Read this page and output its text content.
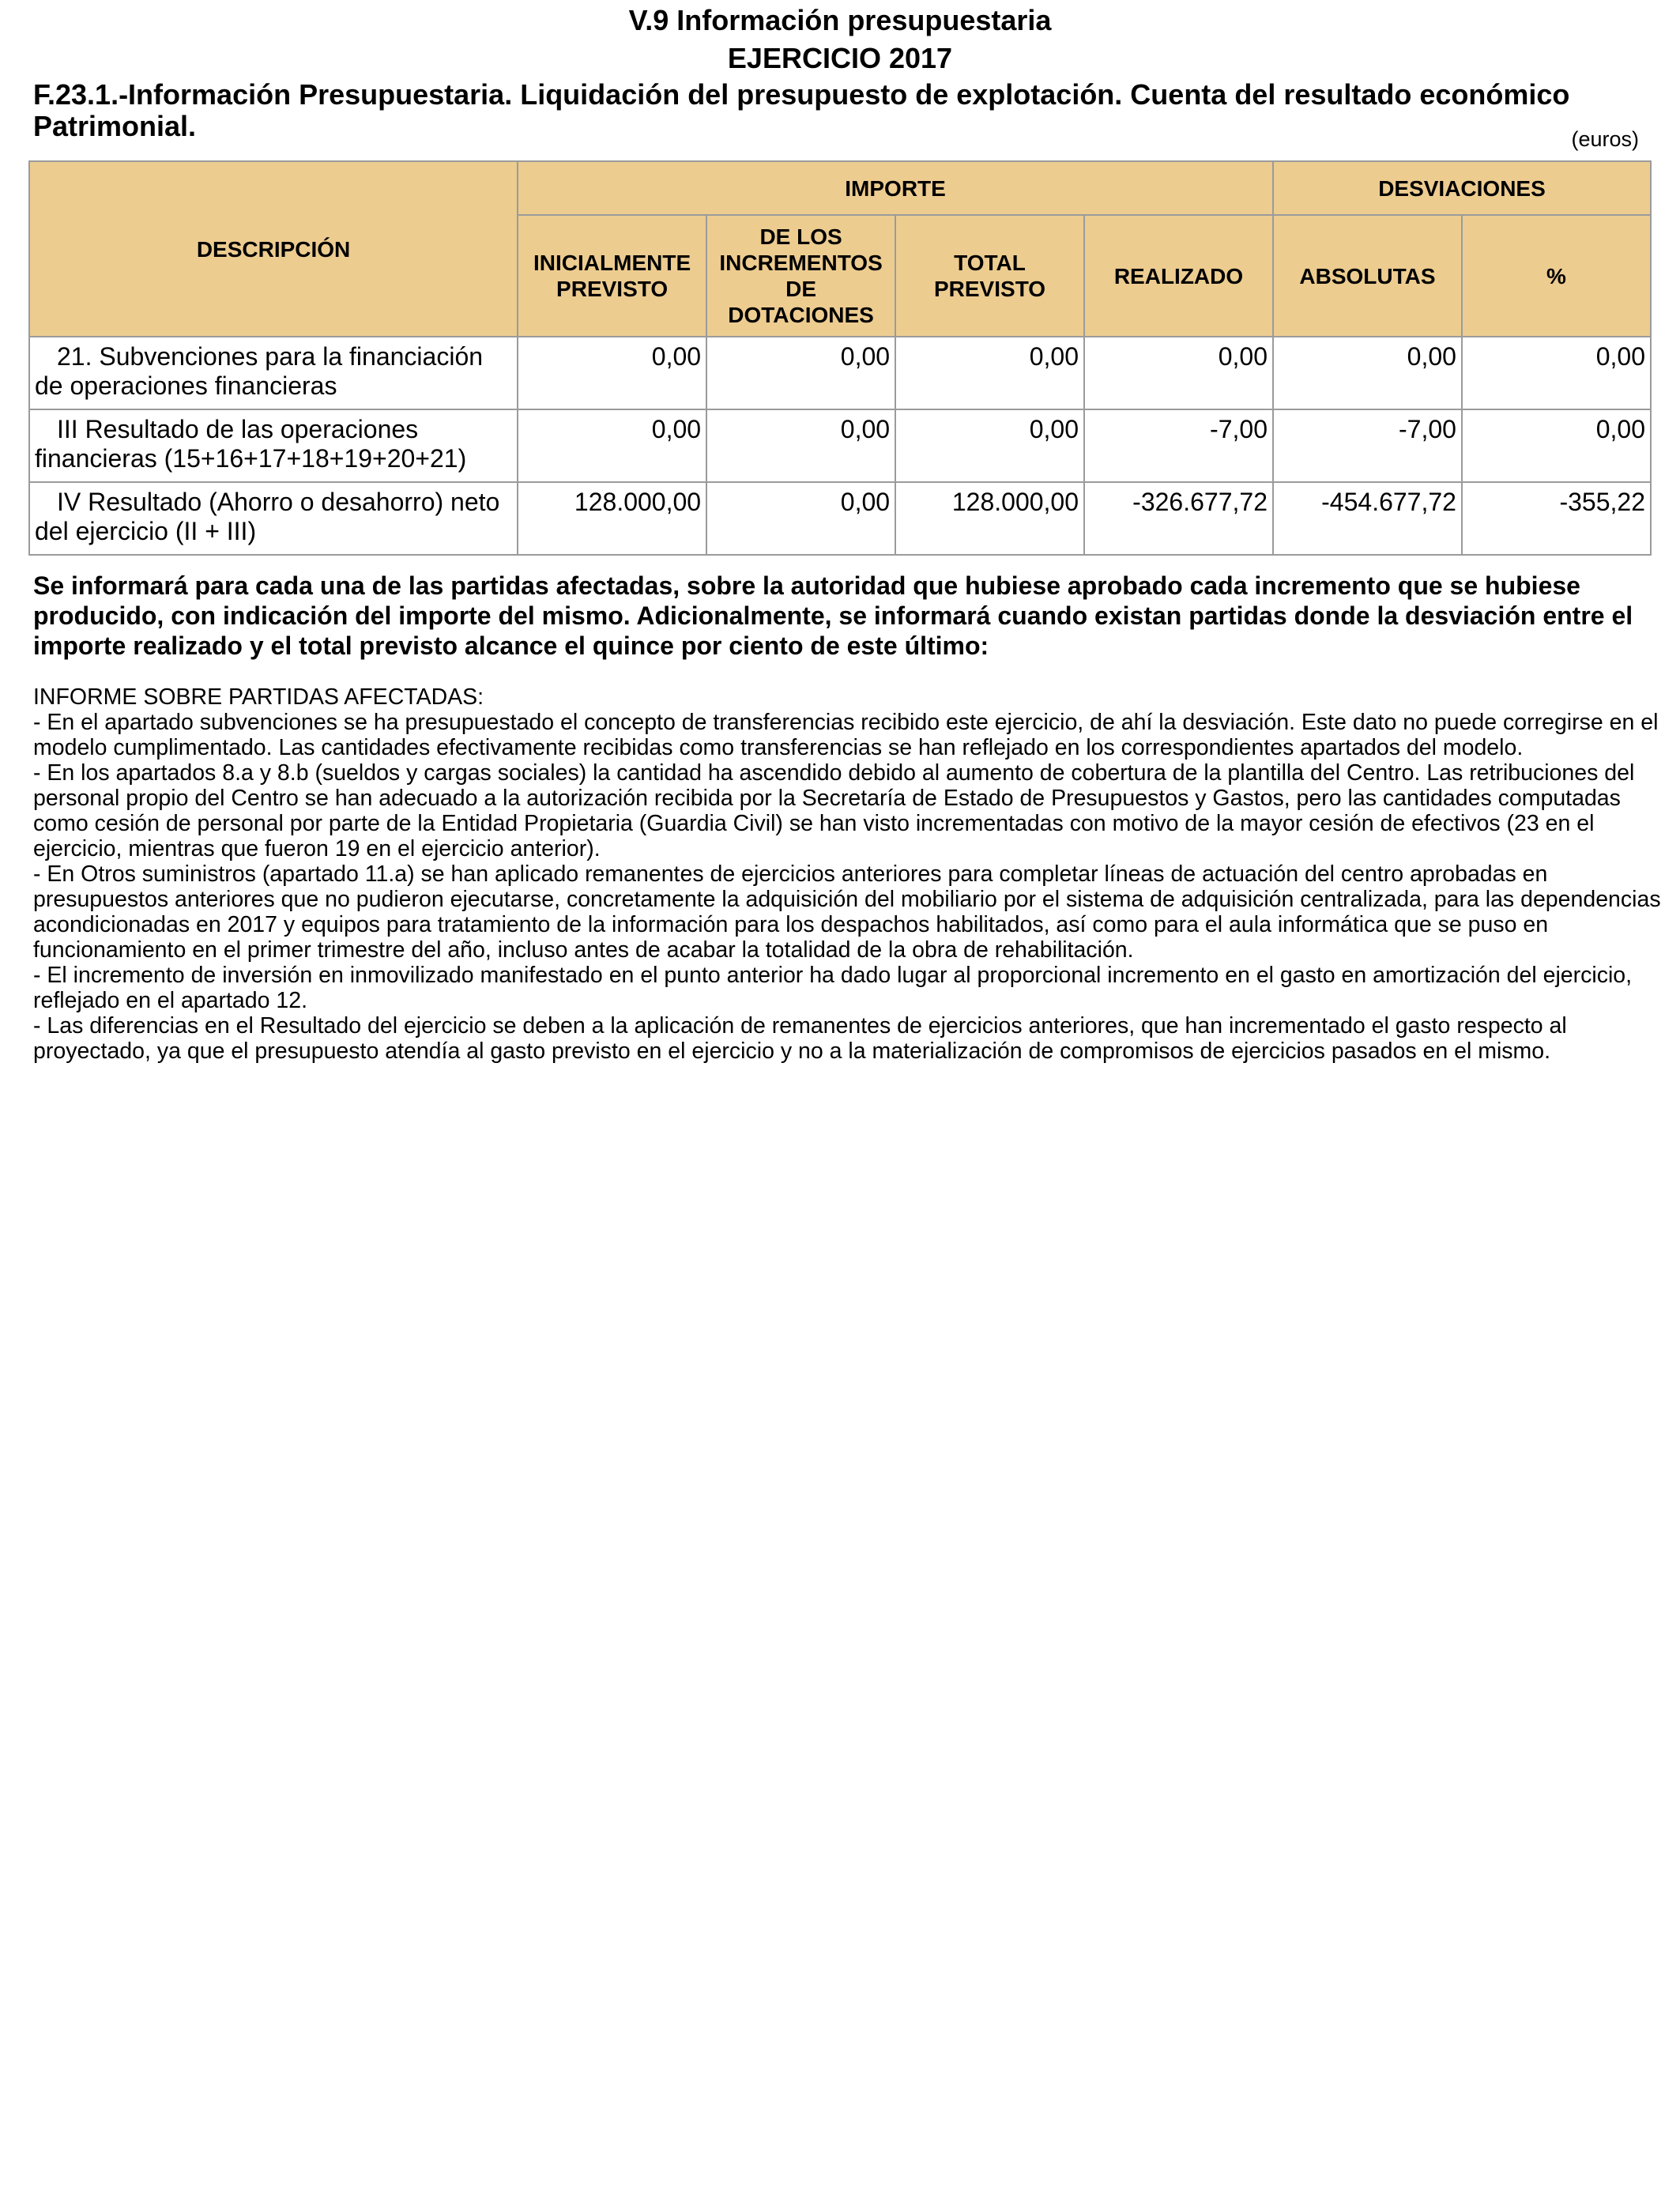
V.9 Información presupuestaria
EJERCICIO 2017
F.23.1.-Información Presupuestaria. Liquidación del presupuesto de explotación. Cuenta del resultado económico Patrimonial.	(euros)
DESCRIPCIÓN	IMPORTE				DESVIACIONES	
	INICIALMENTE PREVISTO	DE LOS INCREMENTOS DE DOTACIONES	TOTAL PREVISTO	REALIZADO	ABSOLUTAS	%
21. Subvenciones para la financiación de operaciones financieras	0,00	0,00	0,00	0,00	0,00	0,00
III Resultado de las operaciones financieras (15+16+17+18+19+20+21)	0,00	0,00	0,00	-7,00	-7,00	0,00
IV Resultado (Ahorro o desahorro) neto del ejercicio (II + III)	128.000,00	0,00	128.000,00	-326.677,72	-454.677,72	-355,22
Se informará para cada una de las partidas afectadas, sobre la autoridad que hubiese aprobado cada incremento que se hubiese producido, con indicación del importe del mismo. Adicionalmente, se informará cuando existan partidas donde la desviación entre el importe realizado y el total previsto alcance el quince por ciento de este último:
INFORME SOBRE PARTIDAS AFECTADAS:
- En el apartado subvenciones se ha presupuestado el concepto de transferencias recibido este ejercicio, de ahí la desviación. Este dato no puede corregirse en el modelo cumplimentado. Las cantidades efectivamente recibidas como transferencias se han reflejado en los correspondientes apartados del modelo.
- En los apartados 8.a y 8.b (sueldos y cargas sociales) la cantidad ha ascendido debido al aumento de cobertura de la plantilla del Centro. Las retribuciones del personal propio del Centro se han adecuado a la autorización recibida por la Secretaría de Estado de Presupuestos y Gastos, pero las cantidades computadas como cesión de personal por parte de la Entidad Propietaria (Guardia Civil) se han visto incrementadas con motivo de la mayor cesión de efectivos (23 en el ejercicio, mientras que fueron 19 en el ejercicio anterior).
- En Otros suministros (apartado 11.a) se han aplicado remanentes de ejercicios anteriores para completar líneas de actuación del centro aprobadas en presupuestos anteriores que no pudieron ejecutarse, concretamente la adquisición del mobiliario por el sistema de adquisición centralizada, para las dependencias acondicionadas en 2017 y equipos para tratamiento de la información para los despachos habilitados, así como para el aula informática que se puso en funcionamiento en el primer trimestre del año, incluso antes de acabar la totalidad de la obra de rehabilitación.
- El incremento de inversión en inmovilizado manifestado en el punto anterior ha dado lugar al proporcional incremento en el gasto en amortización del ejercicio, reflejado en el apartado 12.
- Las diferencias en el Resultado del ejercicio se deben a la aplicación de remanentes de ejercicios anteriores, que han incrementado el gasto respecto al proyectado, ya que el presupuesto atendía al gasto previsto en el ejercicio y no a la materialización de compromisos de ejercicios pasados en el mismo.
